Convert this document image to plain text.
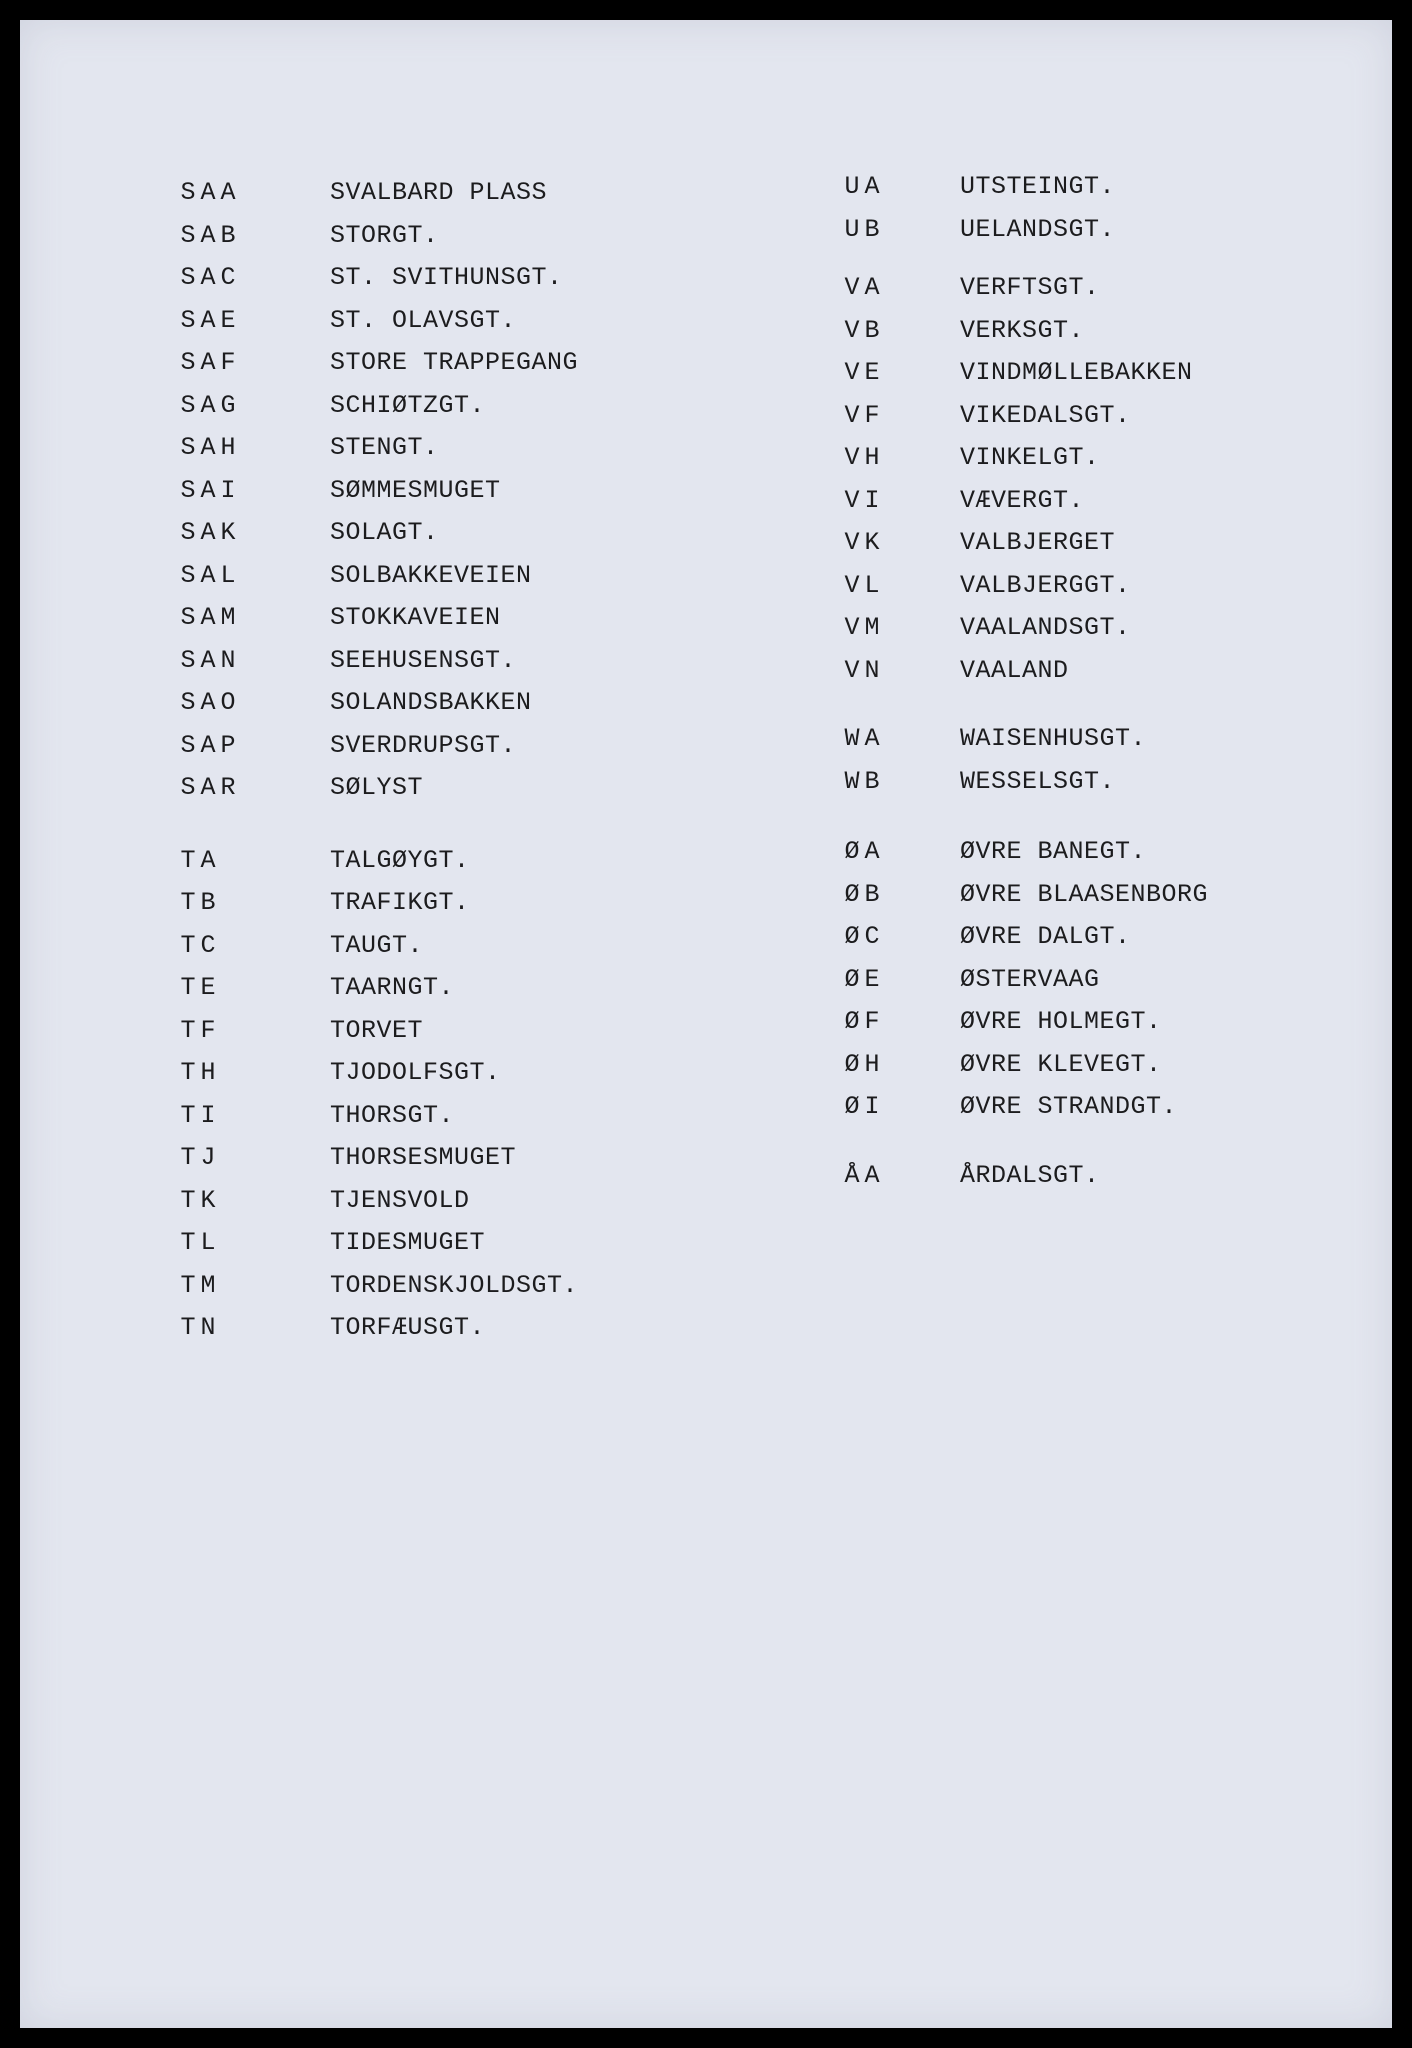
S A A	SVALBARD PLASS
S A B	STORGT.
S A C	ST. SVITHUNSGT.
S A E	ST. OLAVSGT.
S A F	STORE TRAPPEGANG
S A G	SCHIØTZGT.
S A H	STENGT.
S A I	SØMMESMUGET
S A K	SOLAGT.
S A L	SOLBAKKEVEIEN
S A M	STOKKAVEIEN
S A N	SEEHUSENSGT.
S A O	SOLANDSBAKKEN
S A P	SVERDRUPSGT.
S A R	SØLYST
T A	TALGØYGT.
T B	TRAFIKGT.
T C	TAUGT.
T E	TAARNGT.
T F	TORVET
T H	TJODOLFSGT.
T I	THORSGT.
T J	THORSESMUGET
T K	TJENSVOLD
T L	TIDESMUGET
T M	TORDENSKJOLDSGT.
T N	TORFÆUSGT.
U A	UTSTEINGT.
U B	UELANDSGT.
V A	VERFTSGT.
V B	VERKSGT.
V E	VINDMØLLEBAKKEN
V F	VIKEDALSGT.
V H	VINKELGT.
V I	VÆVERGT.
V K	VALBJERGET
V L	VALBJERGGT.
V M	VAALANDSGT.
V N	VAALAND
W A	WAISENHUSGT.
W B	WESSELSGT.
Ø A	ØVRE BANEGT.
Ø B	ØVRE BLAASENBORG
Ø C	ØVRE DALGT.
Ø E	ØSTERVAAG
Ø F	ØVRE HOLMEGT.
Ø H	ØVRE KLEVEGT.
Ø I	ØVRE STRANDGT.
Å A	ÅRDALSGT.
